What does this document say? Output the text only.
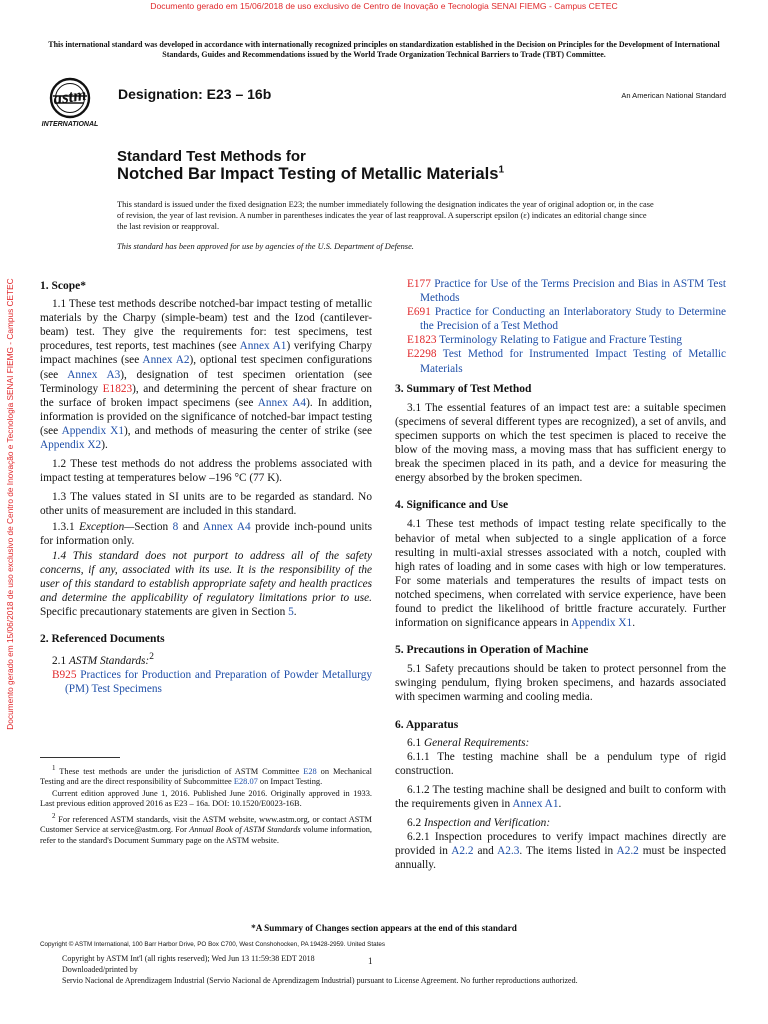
Documento gerado em 15/06/2018 de uso exclusivo de Centro de Inovação e Tecnologia SENAI FIEMG - Campus CETEC
Documento gerado em 15/06/2018 de uso exclusivo de Centro de Inovação e Tecnologia SENAI FIEMG - Campus CETEC
This international standard was developed in accordance with internationally recognized principles on standardization established in the Decision on Principles for the Development of International Standards, Guides and Recommendations issued by the World Trade Organization Technical Barriers to Trade (TBT) Committee.
astm
INTERNATIONAL
Designation: E23 – 16b	An American National Standard
Standard Test Methods for
Notched Bar Impact Testing of Metallic Materials$^1$
This standard is issued under the fixed designation E23; the number immediately following the designation indicates the year of original adoption or, in the case of revision, the year of last revision. A number in parentheses indicates the year of last reapproval. A superscript epsilon (ε) indicates an editorial change since the last revision or reapproval.
This standard has been approved for use by agencies of the U.S. Department of Defense.
1. Scope*

1.1 These test methods describe notched-bar impact testing of metallic materials by the Charpy (simple-beam) test and the Izod (cantilever-beam) test. They give the requirements for: test specimens, test procedures, test reports, test machines (see Annex A1) verifying Charpy impact machines (see Annex A2), optional test specimen configurations (see Annex A3), designation of test specimen orientation (see Terminology E1823), and determining the percent of shear fracture on the surface of broken impact specimens (see Annex A4). In addition, information is provided on the significance of notched-bar impact testing (see Appendix X1), and methods of measuring the center of strike (see Appendix X2).

1.2 These test methods do not address the problems associated with impact testing at temperatures below –196 °C (77 K).

1.3 The values stated in SI units are to be regarded as standard. No other units of measurement are included in this standard.

1.3.1 Exception—Section 8 and Annex A4 provide inch-pound units for information only.

1.4 This standard does not purport to address all of the safety concerns, if any, associated with its use. It is the responsibility of the user of this standard to establish appropriate safety and health practices and determine the applicability of regulatory limitations prior to use. Specific precautionary statements are given in Section 5.

2. Referenced Documents

2.1 ASTM Standards:$^2$

B925 Practices for Production and Preparation of Powder Metallurgy (PM) Test Specimens

E177 Practice for Use of the Terms Precision and Bias in ASTM Test Methods

E691 Practice for Conducting an Interlaboratory Study to Determine the Precision of a Test Method

E1823 Terminology Relating to Fatigue and Fracture Testing

E2298 Test Method for Instrumented Impact Testing of Metallic Materials

3. Summary of Test Method

3.1 The essential features of an impact test are: a suitable specimen (specimens of several different types are recognized), a set of anvils, and specimen supports on which the test specimen is placed to receive the blow of the moving mass, a moving mass that has sufficient energy to break the specimen placed in its path, and a device for measuring the energy absorbed by the broken specimen.

4. Significance and Use

4.1 These test methods of impact testing relate specifically to the behavior of metal when subjected to a single application of a force resulting in multi-axial stresses associated with a notch, coupled with high rates of loading and in some cases with high or low temperatures. For some materials and temperatures the results of impact tests on notched specimens, when correlated with service experience, have been found to predict the likelihood of brittle fracture accurately. Further information on significance appears in Appendix X1.

5. Precautions in Operation of Machine

5.1 Safety precautions should be taken to protect personnel from the swinging pendulum, flying broken specimens, and hazards associated with specimen warming and cooling media.

6. Apparatus

6.1 General Requirements:

6.1.1 The testing machine shall be a pendulum type of rigid construction.

6.1.2 The testing machine shall be designed and built to conform with the requirements given in Annex A1.

6.2 Inspection and Verification:

6.2.1 Inspection procedures to verify impact machines directly are provided in A2.2 and A2.3. The items listed in A2.2 must be inspected annually.

$^1$ These test methods are under the jurisdiction of ASTM Committee E28 on Mechanical Testing and are the direct responsibility of Subcommittee E28.07 on Impact Testing.

Current edition approved June 1, 2016. Published June 2016. Originally approved in 1933. Last previous edition approved 2016 as E23 – 16a. DOI: 10.1520/E0023-16B.

$^2$ For referenced ASTM standards, visit the ASTM website, www.astm.org, or contact ASTM Customer Service at service@astm.org. For Annual Book of ASTM Standards volume information, refer to the standard's Document Summary page on the ASTM website.

*A Summary of Changes section appears at the end of this standard
Copyright © ASTM International, 100 Barr Harbor Drive, PO Box C700, West Conshohocken, PA 19428-2959. United States
Copyright by ASTM Int'l (all rights reserved); Wed Jun 13 11:59:38 EDT 2018
Downloaded/printed by
Servio Nacional de Aprendizagem Industrial (Servio Nacional de Aprendizagem Industrial) pursuant to License Agreement. No further reproductions authorized.
1
